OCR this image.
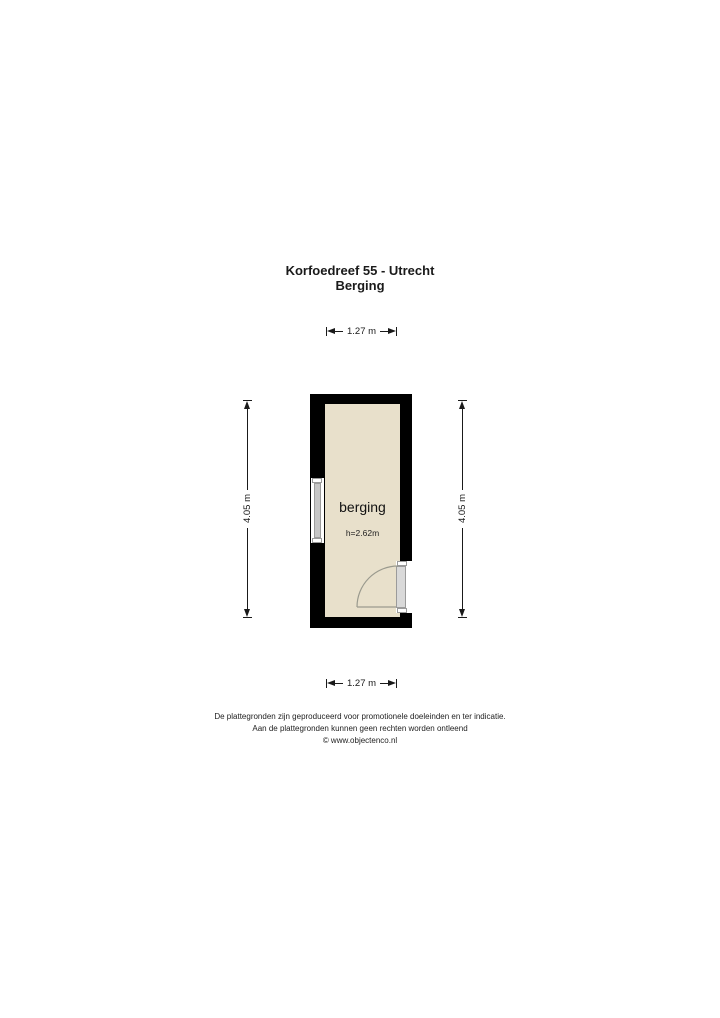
Korfoedreef 55 - Utrecht
Berging
1.27 m
4.05 m	4.05 m
berging
h=2.62m
1.27 m
De plattegronden zijn geproduceerd voor promotionele doeleinden en ter indicatie.
Aan de plattegronden kunnen geen rechten worden ontleend
© www.objectenco.nl
